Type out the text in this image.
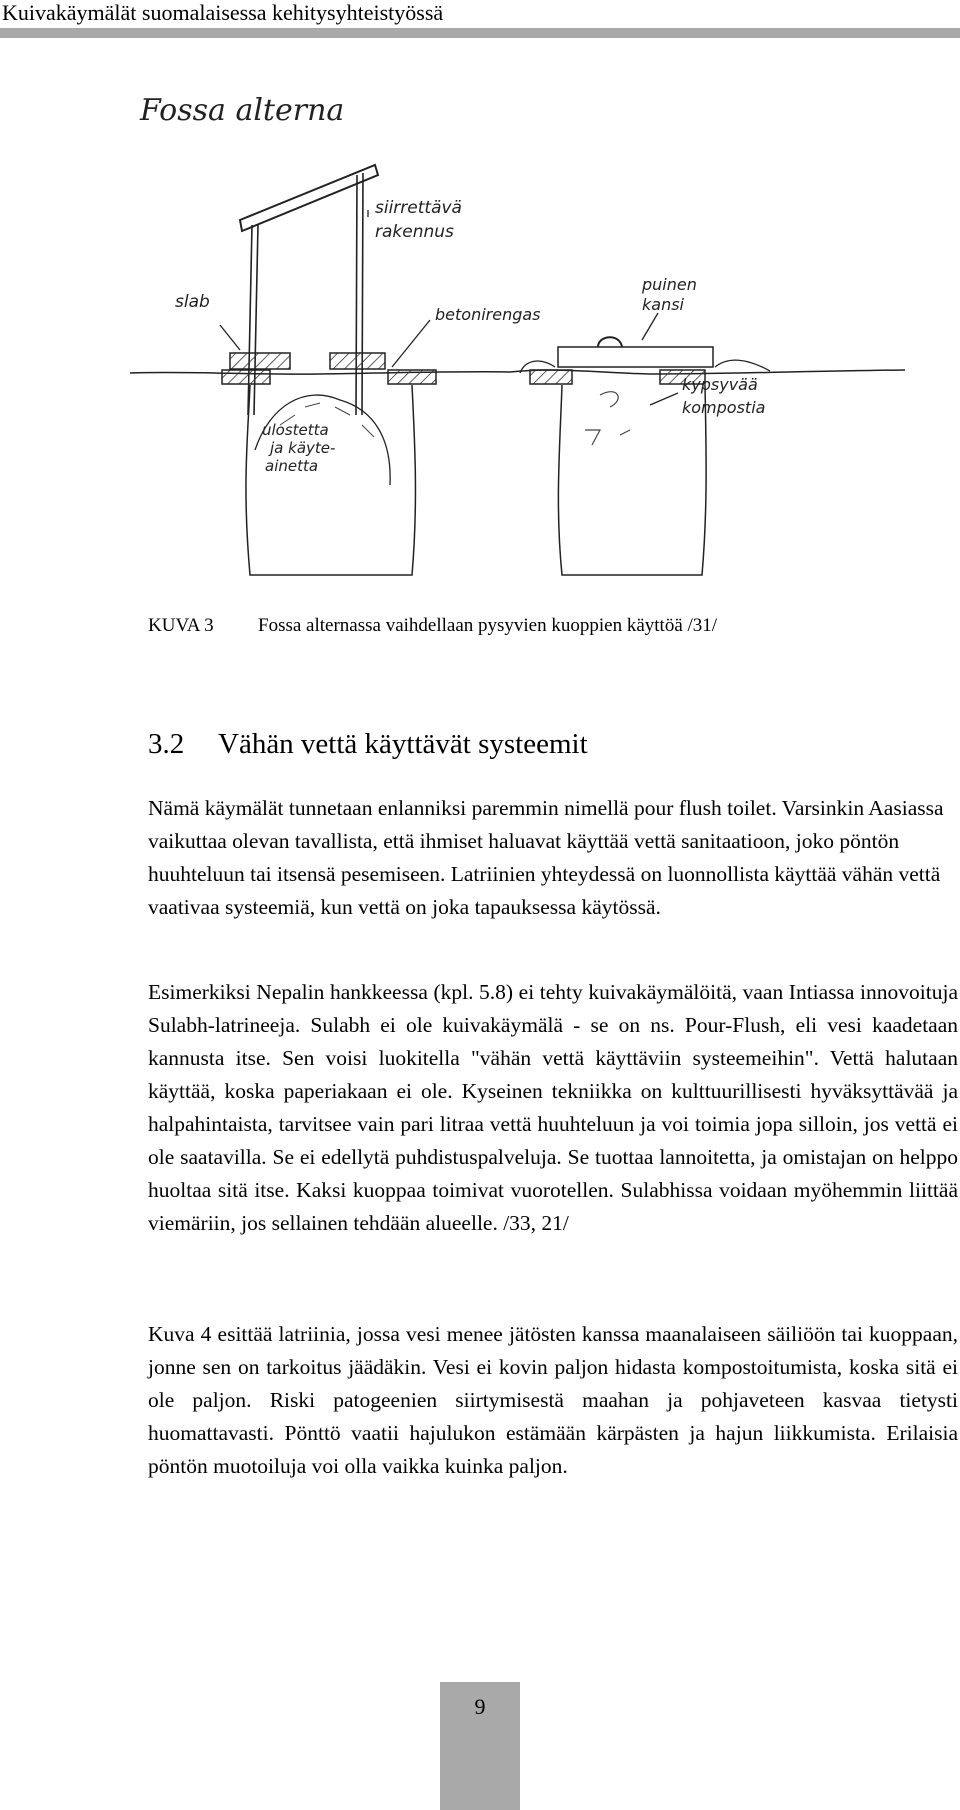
Kuivakäymälät suomalaisessa kehitysyhteistyössä
Fossa alterna
siirrettävä
rakennus
slab
betonirengas
puinen
kansi
kypsyvää
kompostia
ulostetta
ja käyte-
ainetta
KUVA 3 Fossa alternassa vaihdellaan pysyvien kuoppien käyttöä /31/
3.2 Vähän vettä käyttävät systeemit

Nämä käymälät tunnetaan enlanniksi paremmin nimellä pour flush toilet. Varsinkin Aasiassa vaikuttaa olevan tavallista, että ihmiset haluavat käyttää vettä sanitaatioon, joko pöntön huuhteluun tai itsensä pesemiseen. Latriinien yhteydessä on luonnollista käyttää vähän vettä vaativaa systeemiä, kun vettä on joka tapauksessa käytössä.

Esimerkiksi Nepalin hankkeessa (kpl. 5.8) ei tehty kuivakäymälöitä, vaan Intiassa innovoituja Sulabh-latrineeja. Sulabh ei ole kuivakäymälä - se on ns. Pour-Flush, eli vesi kaadetaan kannusta itse. Sen voisi luokitella "vähän vettä käyttäviin systeemeihin". Vettä halutaan käyttää, koska paperiakaan ei ole. Kyseinen tekniikka on kulttuurillisesti hyväksyttävää ja halpahintaista, tarvitsee vain pari litraa vettä huuhteluun ja voi toimia jopa silloin, jos vettä ei ole saatavilla. Se ei edellytä puhdistuspalveluja. Se tuottaa lannoitetta, ja omistajan on helppo huoltaa sitä itse. Kaksi kuoppaa toimivat vuorotellen. Sulabhissa voidaan myöhemmin liittää viemäriin, jos sellainen tehdään alueelle. /33, 21/

Kuva 4 esittää latriinia, jossa vesi menee jätösten kanssa maanalaiseen säiliöön tai kuoppaan, jonne sen on tarkoitus jäädäkin. Vesi ei kovin paljon hidasta kompostoitumista, koska sitä ei ole paljon. Riski patogeenien siirtymisestä maahan ja pohjaveteen kasvaa tietysti huomattavasti. Pönttö vaatii hajulukon estämään kärpästen ja hajun liikkumista. Erilaisia pöntön muotoiluja voi olla vaikka kuinka paljon.

9
